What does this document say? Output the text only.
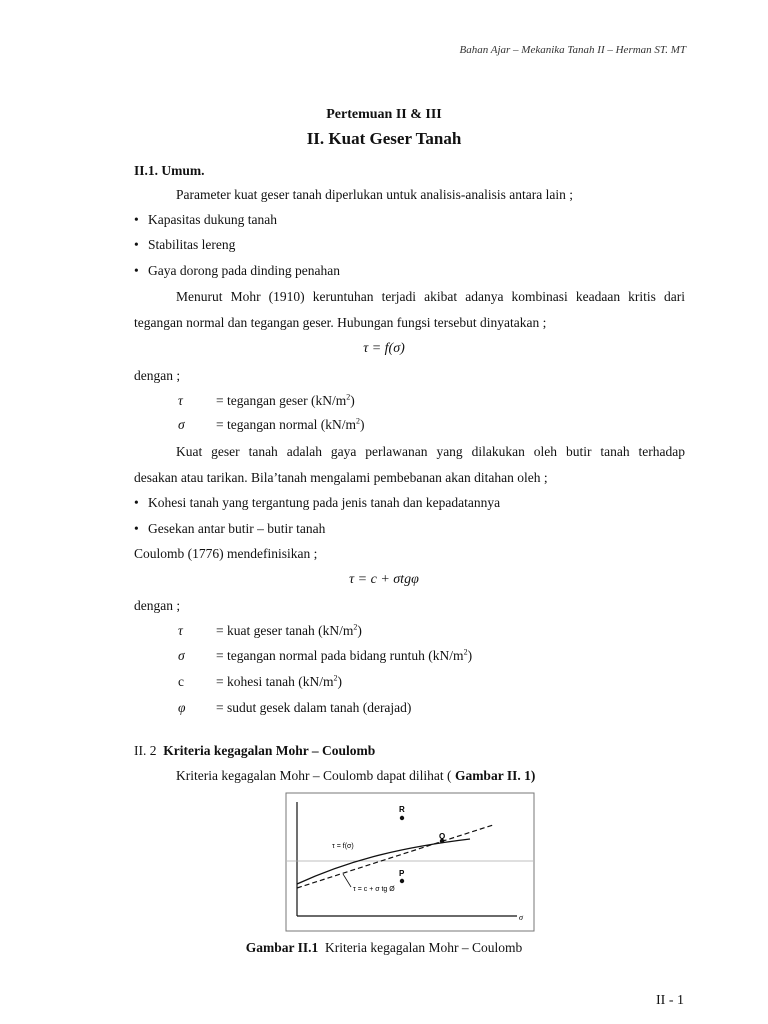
Bahan Ajar – Mekanika Tanah II – Herman ST. MT
Pertemuan II & III
II. Kuat Geser Tanah
II.1. Umum.
Parameter kuat geser tanah diperlukan untuk analisis-analisis antara lain ;
• Kapasitas dukung tanah
• Stabilitas lereng
• Gaya dorong pada dinding penahan
Menurut Mohr (1910) keruntuhan terjadi akibat adanya kombinasi keadaan kritis dari
tegangan normal dan tegangan geser. Hubungan fungsi tersebut dinyatakan ;
τ = f(σ)
dengan ;
τ = tegangan geser $(kN/m^2)$
σ = tegangan normal $(kN/m^2)$
Kuat geser tanah adalah gaya perlawanan yang dilakukan oleh butir tanah terhadap
desakan atau tarikan. Bila’tanah mengalami pembebanan akan ditahan oleh ;
• Kohesi tanah yang tergantung pada jenis tanah dan kepadatannya
• Gesekan antar butir – butir tanah
Coulomb (1776) mendefinisikan ;
τ = c + σtgφ
dengan ;
τ = kuat geser tanah $(kN/m^2)$
σ = tegangan normal pada bidang runtuh $(kN/m^2)$
c = kohesi tanah $(kN/m^2)$
φ = sudut gesek dalam tanah (derajad)
II. 2 Kriteria kegagalan Mohr – Coulomb
Kriteria kegagalan Mohr – Coulomb dapat dilihat ( Gambar II. 1)
R
Q
P
τ = f(σ)
τ = c + σ tg Ø
σ
Gambar II.1 Kriteria kegagalan Mohr – Coulomb
II - 1
